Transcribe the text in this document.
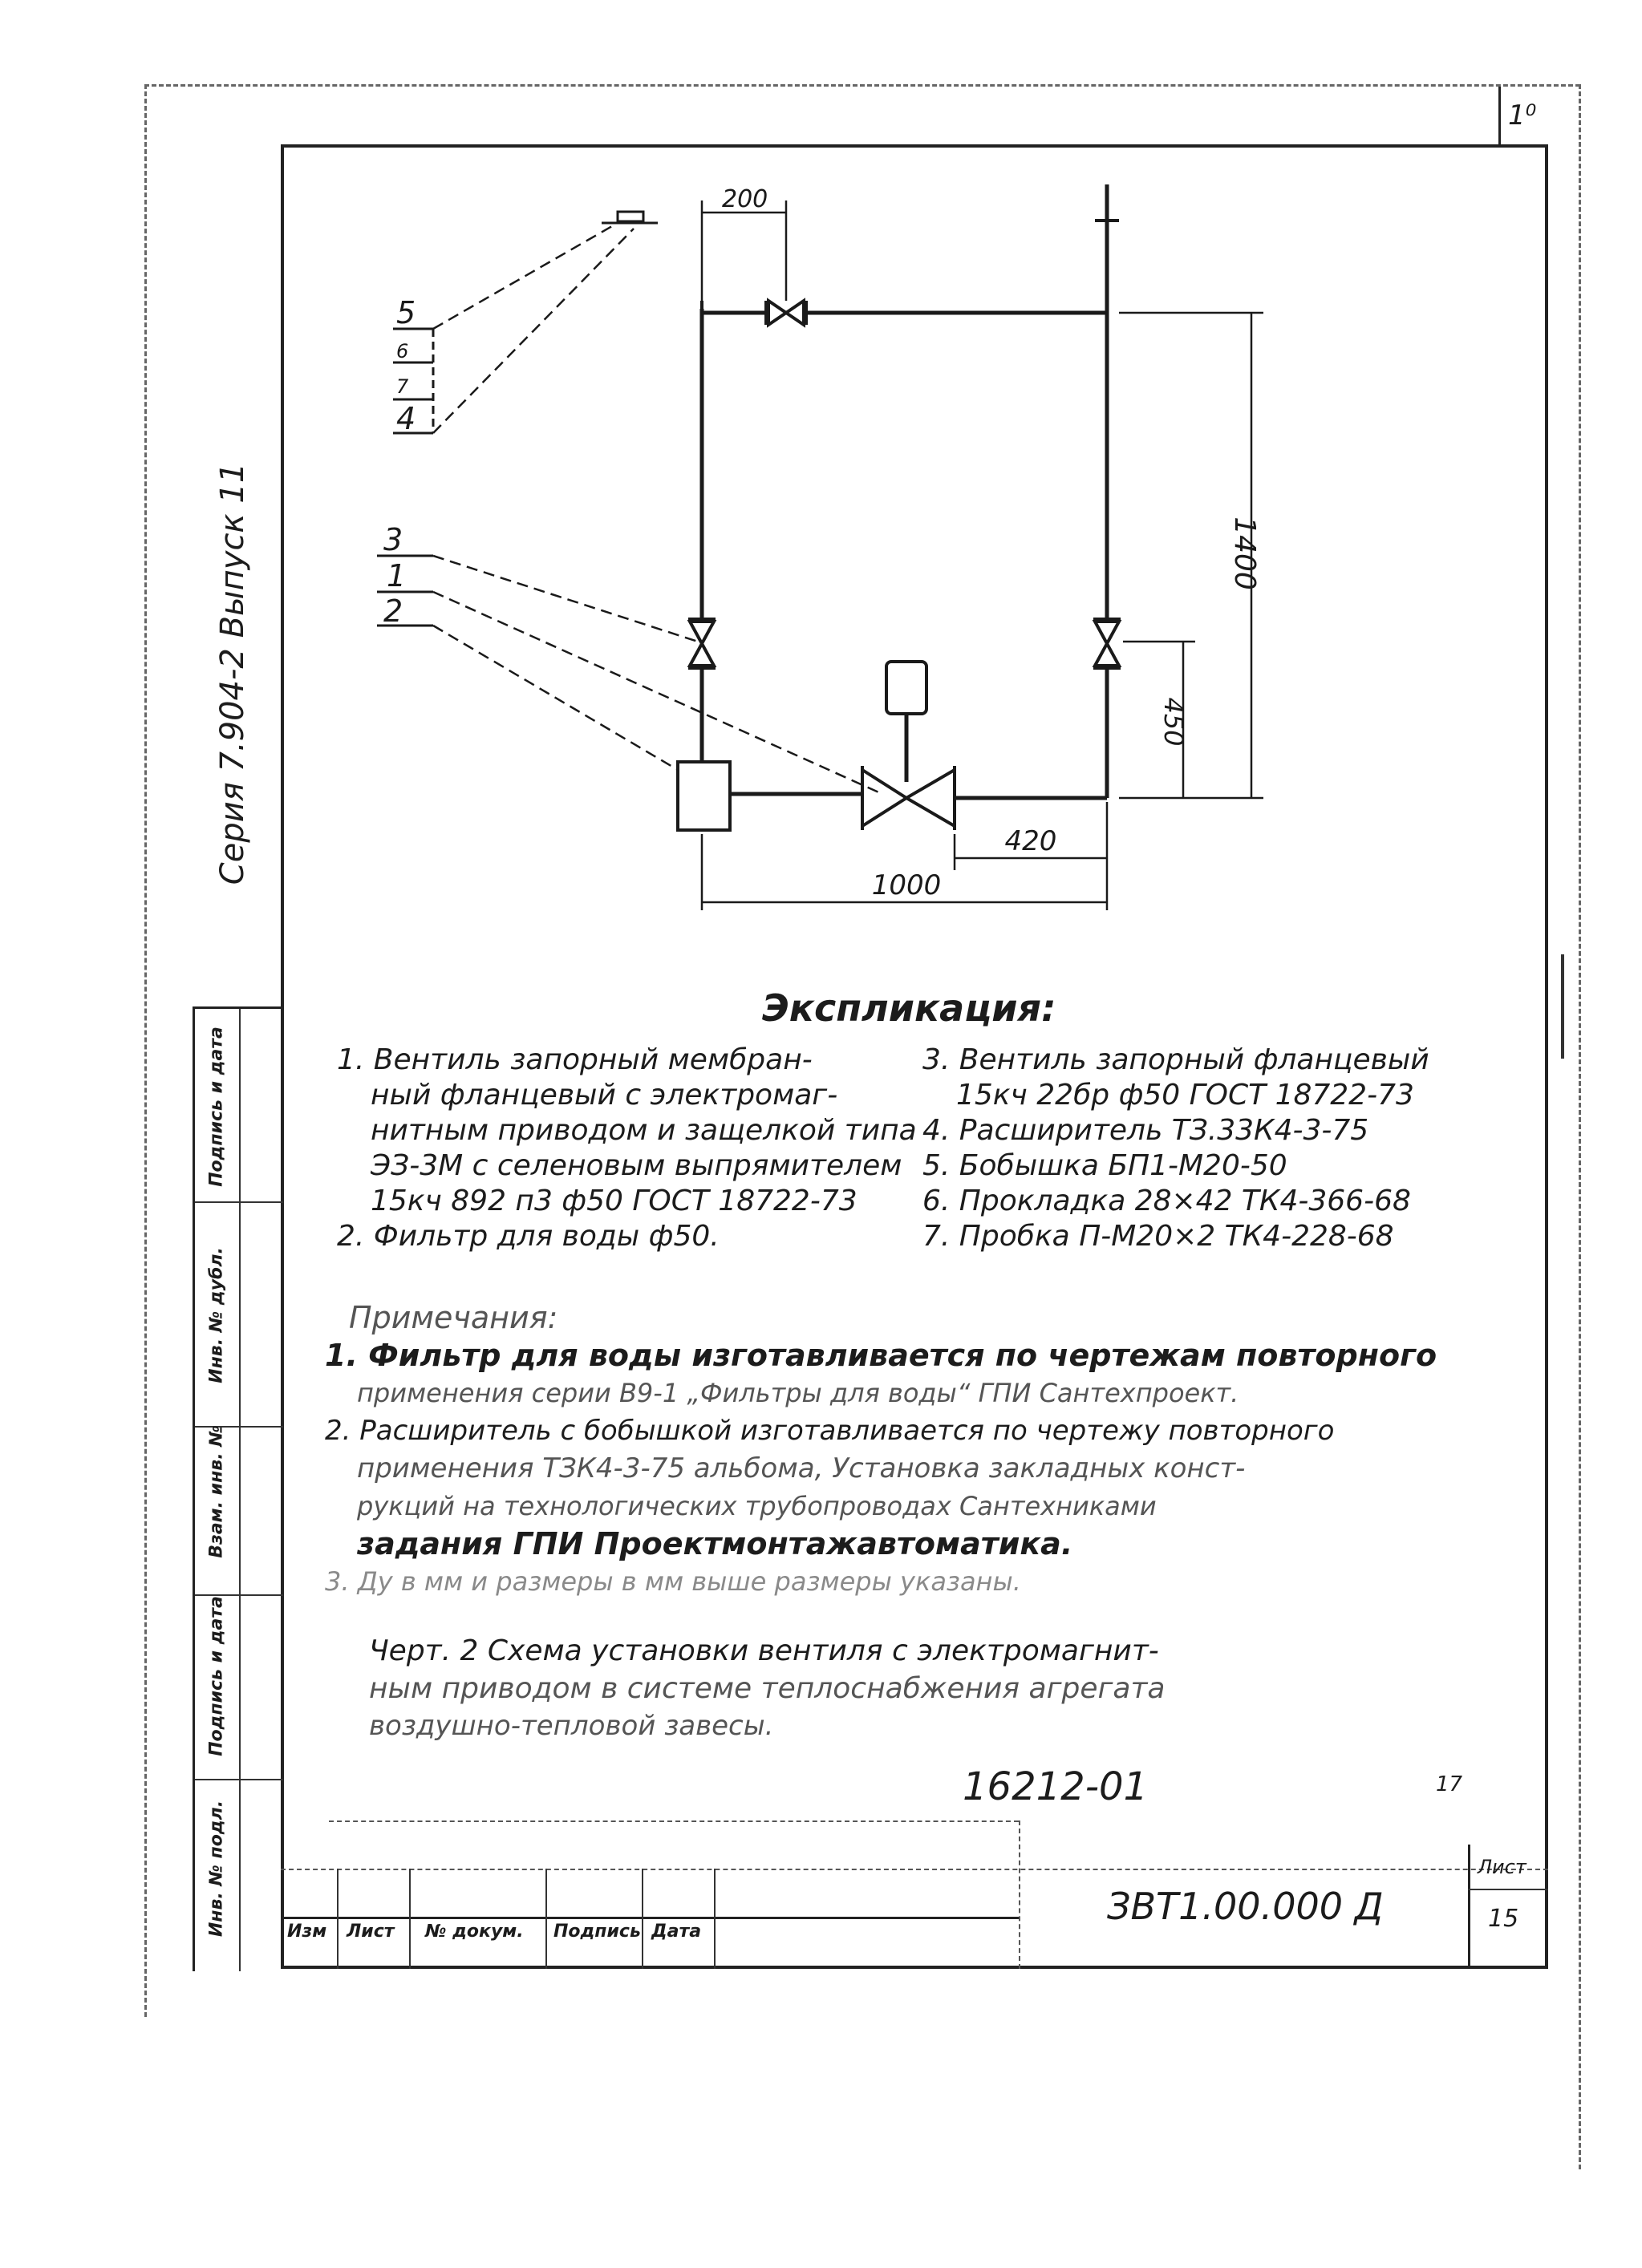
1⁰
Серия 7.904-2 Выпуск 11
Инв. № подл.
Подпись и дата
Взам. инв. №
Инв. № дубл.
Подпись и дата
5
6
7
4
3
1
2
200
1400
450
420
1000
Экспликация:
1. Вентиль запорный мембран-
ный фланцевый с электромаг-
нитным приводом и защелкой типа
ЭЗ-3М с селеновым выпрямителем
15кч 892 п3 ф50 ГОСТ 18722-73
2. Фильтр для воды ф50.
3. Вентиль запорный фланцевый
15кч 22бр ф50 ГОСТ 18722-73
4. Расширитель ТЗ.33К4-3-75
5. Бобышка БП1-М20-50
6. Прокладка 28×42 ТК4-366-68
7. Пробка П-М20×2 ТК4-228-68
Примечания:
1. Фильтр для воды изготавливается по чертежам повторного
применения серии В9-1 „Фильтры для воды“ ГПИ Сантехпроект.
2. Расширитель с бобышкой изготавливается по чертежу повторного
применения ТЗК4-3-75 альбома, Установка закладных конст-
рукций на технологических трубопроводах Сантехниками
задания ГПИ Проектмонтажавтоматика.
3. Ду в мм и размеры в мм выше размеры указаны.
Черт. 2 Схема установки вентиля с электромагнит-
ным приводом в системе теплоснабжения агрегата
воздушно-тепловой завесы.
16212-01	17
Изм Лист № докум. Подпись Дата
ЗВТ1.00.000 Д
Лист
15
